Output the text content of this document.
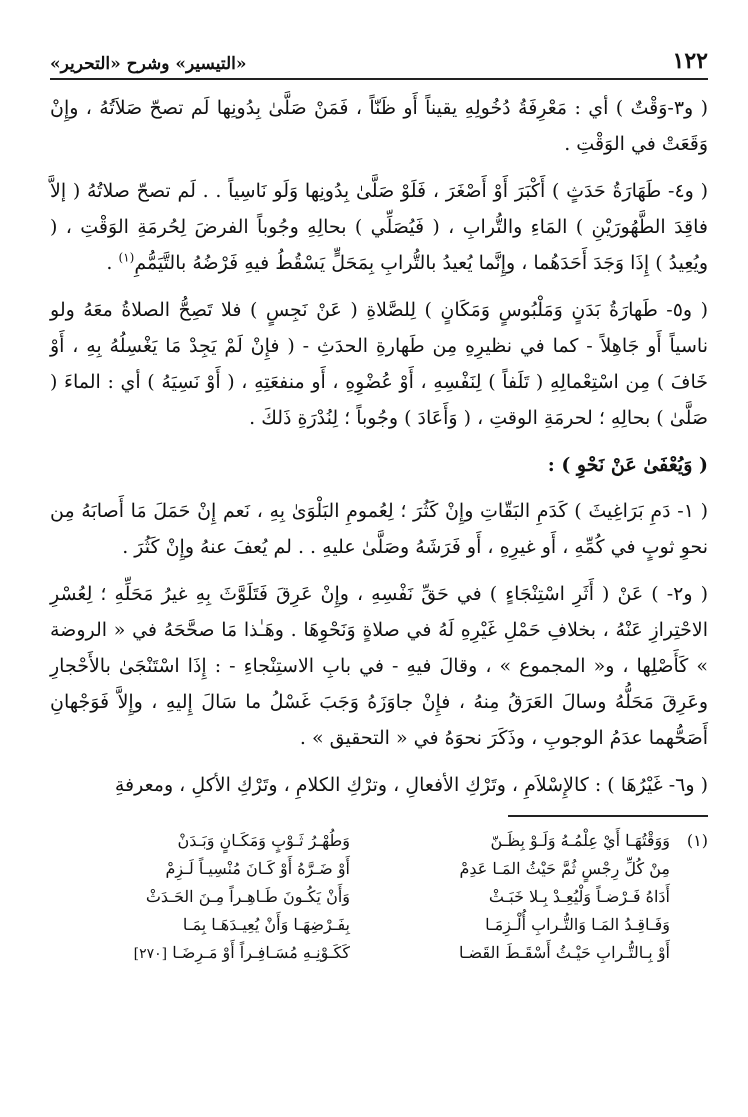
١٢٢
«التيسير» وشرح «التحرير»

( و٣-وَقْتٌ ) أي : مَعْرِفَةُ دُخُولِهِ يقيناً أَو ظَنّاً ، فَمَنْ صَلَّىٰ بِدُونِها لَم تصحّ صَلاَتُهُ ، وإِنْ وَقَعَتْ في الوَقْتِ .

( و٤- طَهَارَةُ حَدَثٍ ) أَكْبَرَ أَوْ أَصْغَرَ ، فَلَوْ صَلَّىٰ بِدُونِها وَلَو نَاسِياً . . لَم تصحّ صلاتُهُ ( إلاَّ فاقِدَ الطَّهُورَيْنِ ) المَاءِ والتُّرابِ ، ( فَيُصَلِّي ) بحالِهِ وجُوباً الفرضَ لِحُرمَةِ الوَقْتِ ، ( ويُعِيدُ ) إِذَا وَجَدَ أَحَدَهُما ، وإِنَّما يُعيدُ بالتُّرابِ بِمَحَلٍّ يَسْقُطُ فيهِ فَرْضُهُ بالتَّيَمُّمِ$^{(١)}$ .

( و٥- طَهارَةُ بَدَنٍ وَمَلْبُوسٍ وَمَكَانٍ ) لِلصَّلاةِ ( عَنْ نَجِسٍ ) فلا تَصِحُّ الصلاةُ معَهُ ولو ناسياً أَو جَاهِلاً - كما في نظيرِهِ مِن طَهارةِ الحدَثِ - ( فإِنْ لَمْ يَجِدْ مَا يَغْسِلُهُ بِهِ ، أَوْ خَافَ ) مِن اسْتِعْمالِهِ ( تَلَفاً ) لِنَفْسِهِ ، أَوْ عُضْوِهِ ، أَو منفعَتِهِ ، ( أَوْ نَسِيَهُ ) أي : الماءَ ( صَلَّىٰ ) بحالِهِ ؛ لحرمَةِ الوقتِ ، ( وَأَعَادَ ) وجُوباً ؛ لِنُدْرَةِ ذَلكَ .

( وَيُعْفَىٰ عَنْ نَحْوِ ) :

( ١- دَمِ بَرَاغِيثَ ) كَدَمِ البَقّاتِ وإِنْ كَثُرَ ؛ لِعُمومِ البَلْوَىٰ بِهِ ، نَعم إِنْ حَمَلَ مَا أَصابَهُ مِن نحوِ ثوبٍ في كُمِّهِ ، أَو غيرِهِ ، أَو فَرَشَهُ وصَلَّىٰ عليهِ . . لم يُعفَ عنهُ وإِنْ كَثُرَ .

( و٢- ) عَنْ ( أَثَرِ اسْتِنْجَاءٍ ) في حَقِّ نَفْسِهِ ، وإِنْ عَرِقَ فَتَلَوَّثَ بِهِ غيرُ مَحَلِّهِ ؛ لِعُسْرِ الاحْتِرازِ عَنْهُ ، بخلافِ حَمْلِ غَيْرِهِ لَهُ في صلاةٍ وَنَحْوِهَا . وهَـٰذا مَا صحَّحَهُ في « الروضة » كَأَصْلِها ، و« المجموع » ، وقالَ فيهِ - في بابِ الاستِنْجاءِ - : إِذَا اسْتَنْجَىٰ بالأَحْجارِ وعَرِقَ مَحَلُّهُ وسالَ العَرَقُ مِنهُ ، فإِنْ جاوَزَهُ وَجَبَ غَسْلُ ما سَالَ إِليهِ ، وإِلاَّ فَوَجْهانِ أَصَحُّهما عدَمُ الوجوبِ ، وذَكَرَ نحوَهُ في « التحقيق » .

( و٦- غَيْرُهَا ) : كالإِسْلاَمِ ، وتَرْكِ الأفعالِ ، وترْكِ الكلامِ ، وتَرْكِ الأكلِ ، ومعرفةِ

(١)
وَوَقْتُهَـا أَيْ عِلْمُـهُ وَلَـوْ بِظَـنّ
مِنْ كُلِّ رِجْسٍ ثُمَّ حَيْثُ المَـا عَدِمْ
أَدَاهُ فَـرْضـاً وَلْيُعِـدْ بِـلا خَبَـثْ
وَفَـاقِـدُ المَـا وَالتُّـرابِ أُلْـزِمَـا
أَوْ بِـالتُّـرابِ حَيْـثُ أَسْقَـطَ القَضـا
وَطُهْـرُ ثَـوْبٍ وَمَكَـانٍ وَبَـدَنْ
أَوْ ضَـرَّهُ أَوْ كَـانَ مُنْسِيـاً لَـزِمْ
وَأَنْ يَكُـونَ طَـاهِـراً مِـنَ الحَـدَثْ
بِفَـرْضِهَـا وَأَنْ يُعِيـدَهَـا بِمَـا
كَكَـوْنِـهِ مُسَـافِـراً أَوْ مَـرِضَـا [٢٧٠]
